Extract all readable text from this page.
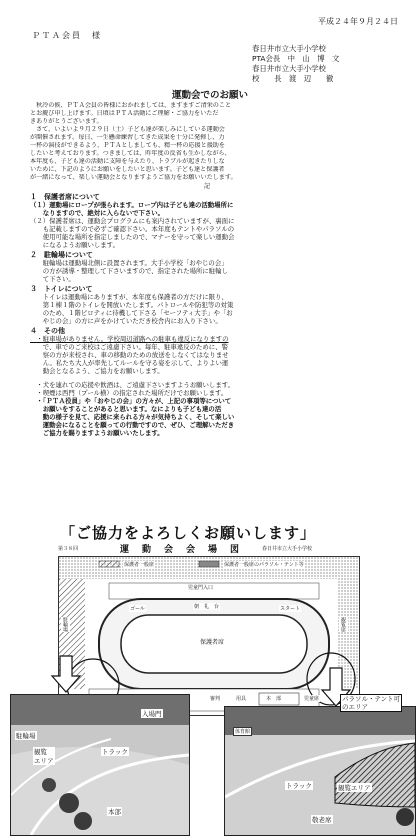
平成２４年９月２４日
ＰＴＡ会員　様
春日井市立大手小学校
PTA会長　中　山　博　文
春日井市立大手小学校
校　　長　渡　辺　　徹
運動会でのお願い
　秋冷の候、ＰＴＡ会員の皆様におかれましては、ますますご清栄のこと
とお慶び申し上げます。日頃はＰＴＡ活動にご理解・ご協力をいただ
きありがとうございます。
　さて、いよいよ９月２９日（土）子ども達が楽しみにしている運動会
が開催されます。毎日、一生懸命練習してきた成果を十分に発揮し、力
一杯の演技ができるよう、ＰＴＡとしましても、精一杯の応援と援助を
したいと考えております。つきましては、昨年度の反省も生かしながら、
本年度も、子ども達の活動に支障を与えたり、トラブルが起きたりしな
いために、下記のようにお願いをしたいと思います。子ども達と保護者
が一緒になって、楽しい運動会となりますようご協力をお願いいたします。
記
１　保護者席について
（１）運動場にロープが張られます。ロープ内は子ども達の活動場所に
　　なりますので、絶対に入らないで下さい。
（２）保護者席は、運動会プログラムにも案内されていますが、裏面に
　　も記載しますので必ずご確認下さい。本年度もテントやパラソルの
　　使用可能な場所を指定しましたので、マナーを守って楽しい運動会
　　になるようお願いします。
２　駐輪場について
　　駐輪場は運動場北側に設置されます。大手小学校「おやじの会」
　　の方が誘導・整理して下さいますので、指定された場所に駐輪し
　　て下さい。
３　トイレについて
　　トイレは運動場にありますが、本年度も保護者の方だけに限り、
　　第１棟１階のトイレを開放いたします。パトロールや防犯等の対策
　　のため、１階ピロティに待機して下さる「セーフティ大手」や「お
　　やじの会」の方に声をかけていただき校舎内にお入り下さい。
４　その他
　・駐車場がありません。学校周辺道路への駐車も違反になりますの
　　で、車でのご来校はご遠慮下さい。毎年、駐車違反のために、警
　　察の方が来校され、車の移動のための放送をしなくてはなりませ
　　ん。私たち大人が率先してルールを守る姿を示して、よりよい運
　　動会となるよう、ご協力をお願いします。
　・犬を連れての応援や飲酒は、ご遠慮下さいますようお願いします。
　・喫煙は西門（プール横）の指定された場所だけでお願いします。
　・「ＰＴＡ役員」や「おやじの会」の方々が、上記の事項等について
　　お願いをすることがあると思います。なによりも子ども達の活
　　動の様子を見て、応援に来られる方々が気持ちよく、そして楽しい
　　運動会になることを願っての行動ですので、ぜひ、ご理解いただき
　　ご協力を賜りますようお願いいたします。
「ご協力をよろしくお願いします」
第３８回	運　動　会　会　場　図	春日井市立大手小学校
保護者一般席	保護者一般席のパラソル・テント等
児童門入口
朝　礼　台
保護者席
ゴール	スタート
駐輪場	観覧席
審判	本　部
用具	児童席
駐輪場
観覧
エリア
トラック
入場門
本部
体育館
トラック	観覧エリア
敬老席
パラソル・テント可
のエリア
